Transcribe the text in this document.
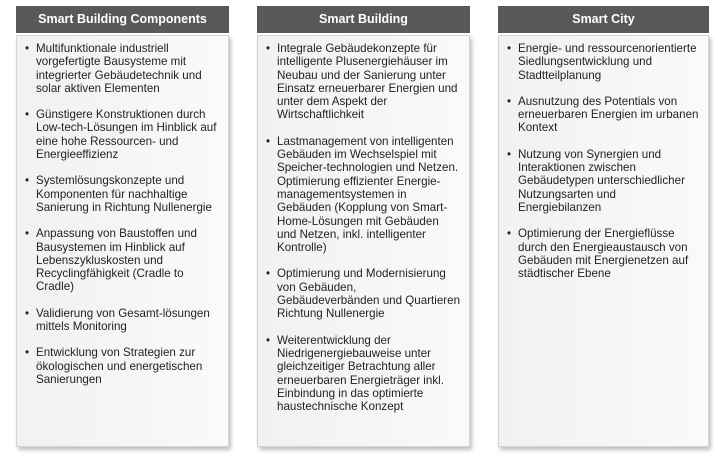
Smart Building Components
• Multifunktionale industriell vorgefertigte Bausysteme mit integrierter Gebäudetechnik und solar aktiven Elementen
• Günstigere Konstruktionen durch Low-tech-Lösungen im Hinblick auf eine hohe Ressourcen- und Energieeffizienz
• Systemlösungskonzepte und Komponenten für nachhaltige Sanierung in Richtung Nullenergie
• Anpassung von Baustoffen und Bausystemen im Hinblick auf Lebenszykluskosten und Recyclingfähigkeit (Cradle to Cradle)
• Validierung von Gesamt-lösungen mittels Monitoring
• Entwicklung von Strategien zur ökologischen und energetischen Sanierungen
Smart Building
• Integrale Gebäudekonzepte für intelligente Plusenergiehäuser im Neubau und der Sanierung unter Einsatz erneuerbarer Energien und unter dem Aspekt der Wirtschaftlichkeit
• Lastmanagement von intelligenten Gebäuden im Wechselspiel mit Speicher-technologien und Netzen. Optimierung effizienter Energie-managementsystemen in Gebäuden (Kopplung von Smart-Home-Lösungen mit Gebäuden und Netzen, inkl. intelligenter Kontrolle)
• Optimierung und Modernisierung von Gebäuden, Gebäudeverbänden und Quartieren Richtung Nullenergie
• Weiterentwicklung der Niedrigenergiebauweise unter gleichzeitiger Betrachtung aller erneuerbaren Energieträger inkl. Einbindung in das optimierte haustechnische Konzept
Smart City
• Energie- und ressourcenorientierte Siedlungsentwicklung und Stadtteilplanung
• Ausnutzung des Potentials von erneuerbaren Energien im urbanen Kontext
• Nutzung von Synergien und Interaktionen zwischen Gebäudetypen unterschiedlicher Nutzungsarten und Energiebilanzen
• Optimierung der Energieflüsse durch den Energieaustausch von Gebäuden mit Energienetzen auf städtischer Ebene
